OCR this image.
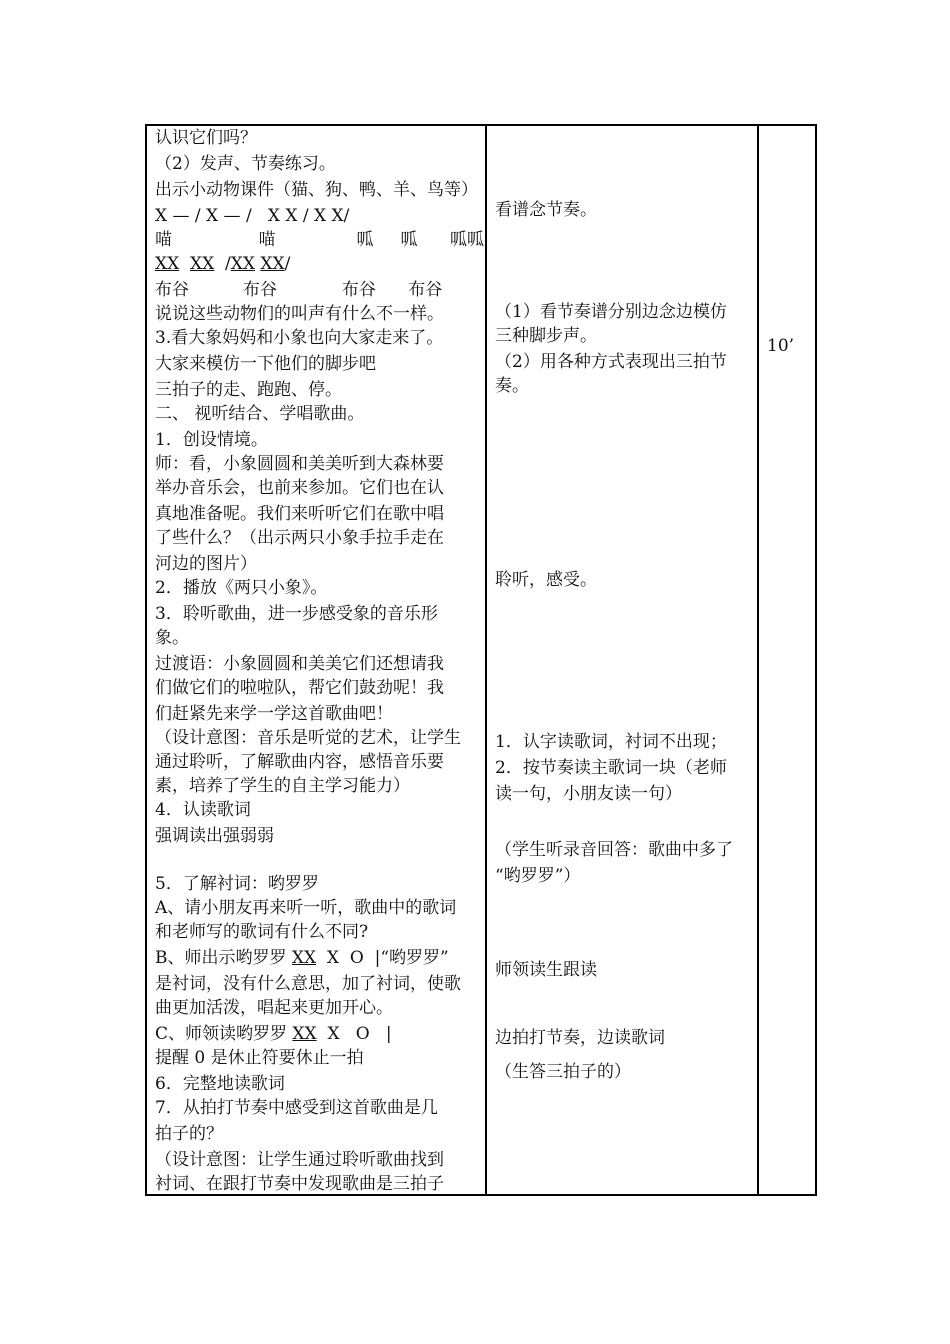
认识它们吗？
（2）发声、节奏练习。
出示小动物课件（猫、狗、鸭、羊、鸟等）
X — / X — /   X X / X X/
喵                喵               呱     呱      呱呱
XX XX  /XX XX/
布谷          布谷            布谷      布谷
说说这些动物们的叫声有什么不一样。
3.看大象妈妈和小象也向大家走来了。
大家来模仿一下他们的脚步吧
三拍子的走、跑跑、停。
二、 视听结合、学唱歌曲。
1．创设情境。
师：看，小象圆圆和美美听到大森林要
举办音乐会，也前来参加。它们也在认
真地准备呢。我们来听听它们在歌中唱
了些什么？（出示两只小象手拉手走在
河边的图片）
2．播放《两只小象》。
3．聆听歌曲，进一步感受象的音乐形
象。
过渡语：小象圆圆和美美它们还想请我
们做它们的啦啦队，帮它们鼓劲呢！我
们赶紧先来学一学这首歌曲吧！
（设计意图：音乐是听觉的艺术，让学生
通过聆听，了解歌曲内容，感悟音乐要
素，培养了学生的自主学习能力）
4．认读歌词
强调读出强弱弱
5．了解衬词：哟罗罗
A、请小朋友再来听一听，歌曲中的歌词
和老师写的歌词有什么不同?
B、师出示哟罗罗 XX  X  O  |“哟罗罗”
是衬词，没有什么意思，加了衬词，使歌
曲更加活泼，唱起来更加开心。
C、师领读哟罗罗 XX  X   O   |
提醒 0 是休止符要休止一拍
6．完整地读歌词
7．从拍打节奏中感受到这首歌曲是几
拍子的？
（设计意图：让学生通过聆听歌曲找到
衬词、在跟打节奏中发现歌曲是三拍子
看谱念节奏。
（1）看节奏谱分别边念边模仿
三种脚步声。
（2）用各种方式表现出三拍节
奏。
聆听，感受。
1．认字读歌词，衬词不出现；
2．按节奏读主歌词一块（老师
读一句，小朋友读一句）
（学生听录音回答：歌曲中多了
“哟罗罗”）
师领读生跟读
边拍打节奏，边读歌词
（生答三拍子的）
10’
